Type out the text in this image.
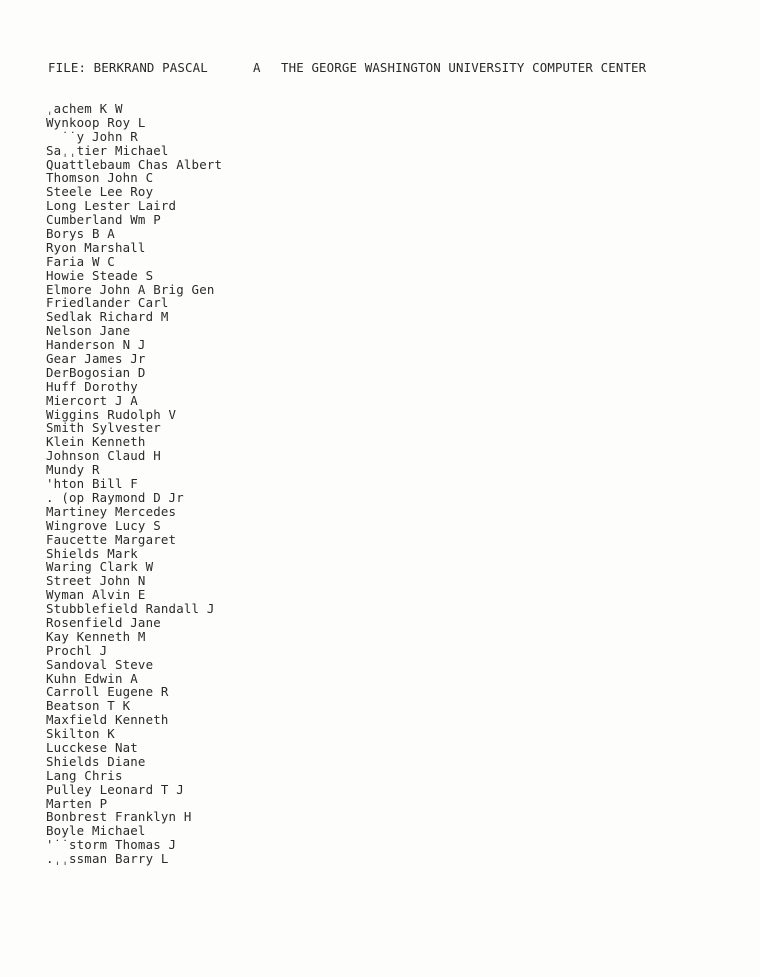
FILE: BERKRAND PASCAL	A THE GEORGE WASHINGTON UNIVERSITY COMPUTER CENTER
ˌachem K W
Wynkoop Roy L
˙˙y John R
Saˌˌtier Michael
Quattlebaum Chas Albert
Thomson John C
Steele Lee Roy
Long Lester Laird
Cumberland Wm P
Borys B A
Ryon Marshall
Faria W C
Howie Steade S
Elmore John A Brig Gen
Friedlander Carl
Sedlak Richard M
Nelson Jane
Handerson N J
Gear James Jr
DerBogosian D
Huff Dorothy
Miercort J A
Wiggins Rudolph V
Smith Sylvester
Klein Kenneth
Johnson Claud H
Mundy R
'hton Bill F
. (op Raymond D Jr
Martiney Mercedes
Wingrove Lucy S
Faucette Margaret
Shields Mark
Waring Clark W
Street John N
Wyman Alvin E
Stubblefield Randall J
Rosenfield Jane
Kay Kenneth M
Prochl J
Sandoval Steve
Kuhn Edwin A
Carroll Eugene R
Beatson T K
Maxfield Kenneth
Skilton K
Lucckese Nat
Shields Diane
Lang Chris
Pulley Leonard T J
Marten P
Bonbrest Franklyn H
Boyle Michael
'˙˙storm Thomas J
.ˌˌssman Barry L
